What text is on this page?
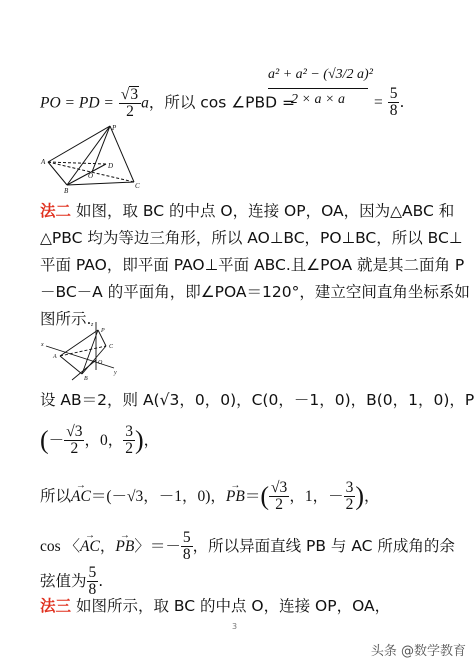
PO = PD = $\frac{√3}{2}$ a，所以 cos ∠PBD =
a² + a² − (√3/2 a)²
2 × a × a	= $\frac{5}{8}$ .
P
A
B
C
D
O
法二 如图，取 BC 的中点 O，连接 OP，OA，因为△ABC 和
△PBC 均为等边三角形，所以 AO⊥BC，PO⊥BC，所以 BC⊥
平面 PAO，即平面 PAO⊥平面 ABC.且∠POA 就是其二面角 P
－BC－A 的平面角，即∠POA＝120°，建立空间直角坐标系如
图所示. z
P
C
x
A
O
B
y
设 AB＝2，则 A(√3，0，0)，C(0，－1，0)，B(0，1，0)，P
(－ $\frac{√3}{2}$ ，0， $\frac{3}{2}$ )，
所以AC →＝(－√3，－1，0)，PB →＝( $\frac{√3}{2}$ ，1，－ $\frac{3}{2}$ )，
cos 〈AC →，PB →〉＝－ $\frac{5}{8}$ ，所以异面直线 PB 与 AC 所成角的余
弦值为 $\frac{5}{8}$ .
法三 如图所示，取 BC 的中点 O，连接 OP，OA，
3
头条 @数学教育
